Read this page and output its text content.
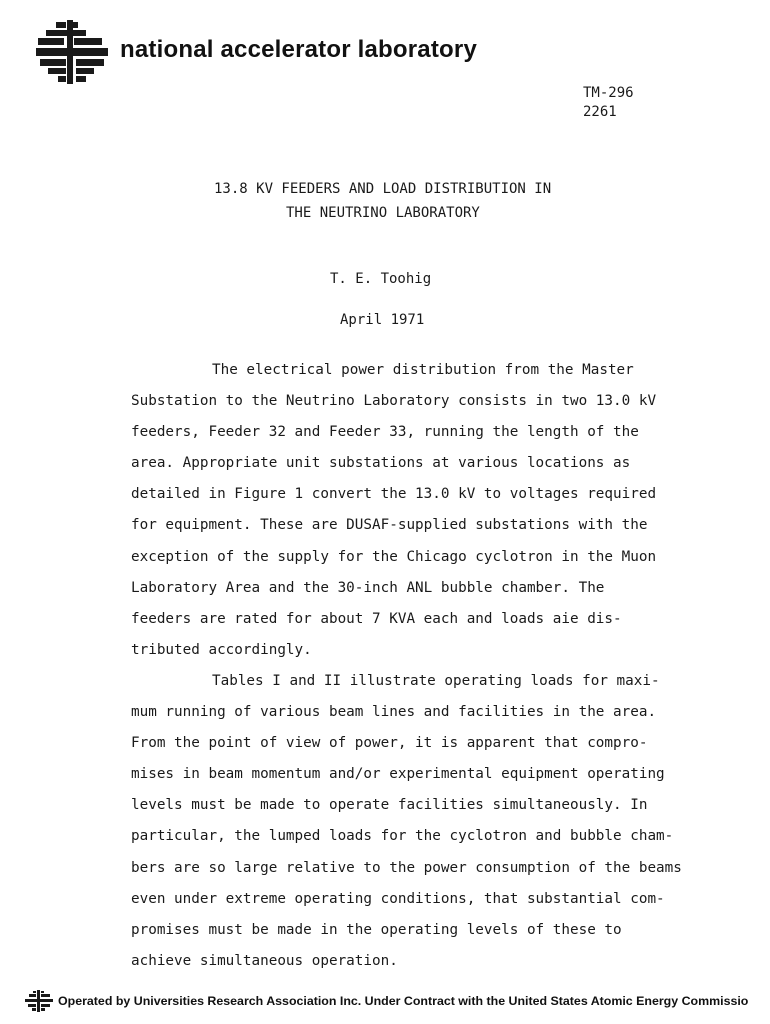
national accelerator laboratory
TM-296
2261
13.8 KV FEEDERS AND LOAD DISTRIBUTION IN
THE NEUTRINO LABORATORY
T. E. Toohig
April 1971
The electrical power distribution from the Master
Substation to the Neutrino Laboratory consists in two 13.0 kV
feeders, Feeder 32 and Feeder 33, running the length of the
area. Appropriate unit substations at various locations as
detailed in Figure 1 convert the 13.0 kV to voltages required
for equipment. These are DUSAF-supplied substations with the
exception of the supply for the Chicago cyclotron in the Muon
Laboratory Area and the 30-inch ANL bubble chamber. The
feeders are rated for about 7 KVA each and loads aie dis-
tributed accordingly.
Tables I and II illustrate operating loads for maxi-
mum running of various beam lines and facilities in the area.
From the point of view of power, it is apparent that compro-
mises in beam momentum and/or experimental equipment operating
levels must be made to operate facilities simultaneously. In
particular, the lumped loads for the cyclotron and bubble cham-
bers are so large relative to the power consumption of the beams
even under extreme operating conditions, that substantial com-
promises must be made in the operating levels of these to
achieve simultaneous operation.
Operated by Universities Research Association Inc. Under Contract with the United States Atomic Energy Commissio
